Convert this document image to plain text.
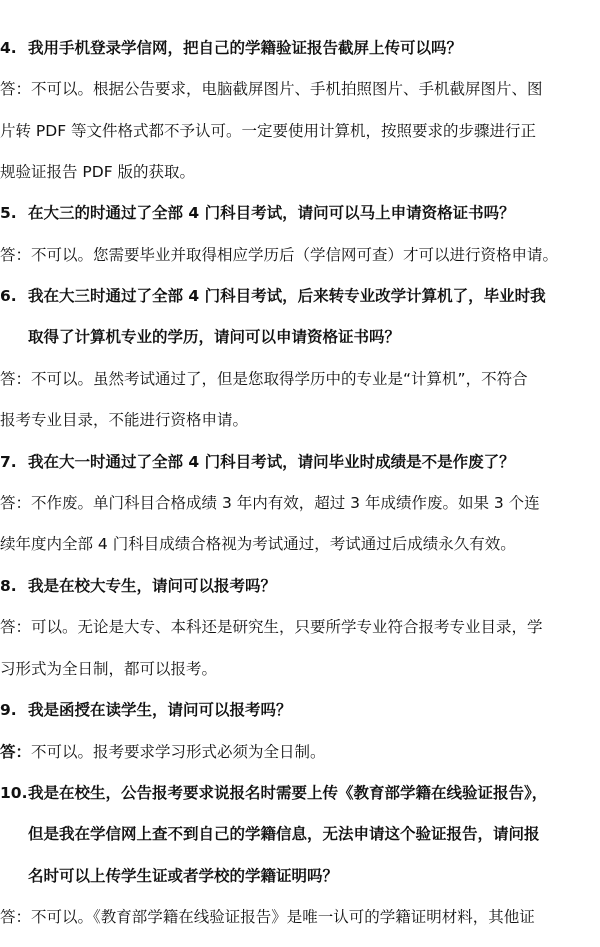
4. 我用手机登录学信网，把自己的学籍验证报告截屏上传可以吗？
答：不可以。根据公告要求，电脑截屏图片、手机拍照图片、手机截屏图片、图
片转 PDF 等文件格式都不予认可。一定要使用计算机，按照要求的步骤进行正
规验证报告 PDF 版的获取。
5. 在大三的时通过了全部 4 门科目考试，请问可以马上申请资格证书吗？
答：不可以。您需要毕业并取得相应学历后（学信网可查）才可以进行资格申请。
6. 我在大三时通过了全部 4 门科目考试，后来转专业改学计算机了，毕业时我
取得了计算机专业的学历，请问可以申请资格证书吗？
答：不可以。虽然考试通过了，但是您取得学历中的专业是“计算机”，不符合
报考专业目录，不能进行资格申请。
7. 我在大一时通过了全部 4 门科目考试，请问毕业时成绩是不是作废了？
答：不作废。单门科目合格成绩 3 年内有效，超过 3 年成绩作废。如果 3 个连
续年度内全部 4 门科目成绩合格视为考试通过，考试通过后成绩永久有效。
8. 我是在校大专生，请问可以报考吗？
答：可以。无论是大专、本科还是研究生，只要所学专业符合报考专业目录，学
习形式为全日制，都可以报考。
9. 我是函授在读学生，请问可以报考吗？
答：不可以。报考要求学习形式必须为全日制。
10.我是在校生，公告报考要求说报名时需要上传《教育部学籍在线验证报告》，
但是我在学信网上查不到自己的学籍信息，无法申请这个验证报告，请问报
名时可以上传学生证或者学校的学籍证明吗？
答：不可以。《教育部学籍在线验证报告》是唯一认可的学籍证明材料，其他证
